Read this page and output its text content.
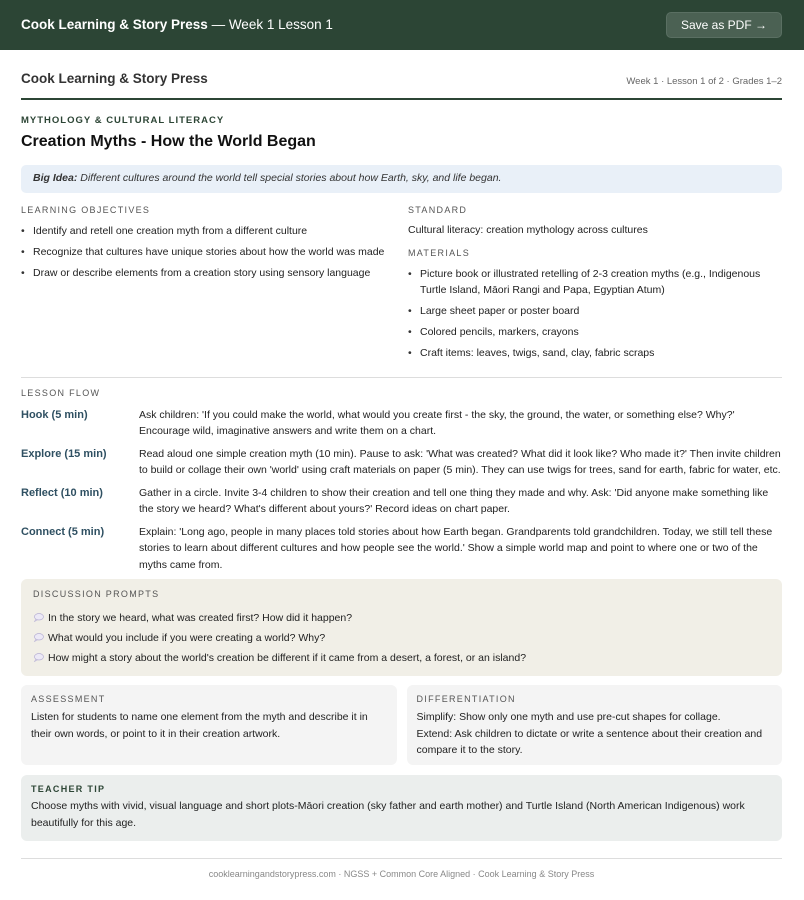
Cook Learning & Story Press — Week 1 Lesson 1	Save as PDF →
Cook Learning & Story Press	Week 1 · Lesson 1 of 2 · Grades 1–2
MYTHOLOGY & CULTURAL LITERACY
Creation Myths - How the World Began
Big Idea: Different cultures around the world tell special stories about how Earth, sky, and life began.
LEARNING OBJECTIVES
• Identify and retell one creation myth from a different culture
• Recognize that cultures have unique stories about how the world was made
• Draw or describe elements from a creation story using sensory language
STANDARD
Cultural literacy: creation mythology across cultures
MATERIALS
• Picture book or illustrated retelling of 2-3 creation myths (e.g., Indigenous Turtle Island, Māori Rangi and Papa, Egyptian Atum)
• Large sheet paper or poster board
• Colored pencils, markers, crayons
• Craft items: leaves, twigs, sand, clay, fabric scraps
LESSON FLOW
Hook (5 min)	Ask children: 'If you could make the world, what would you create first - the sky, the ground, the water, or something else? Why?' Encourage wild, imaginative answers and write them on a chart.
Explore (15 min)	Read aloud one simple creation myth (10 min). Pause to ask: 'What was created? What did it look like? Who made it?' Then invite children to build or collage their own 'world' using craft materials on paper (5 min). They can use twigs for trees, sand for earth, fabric for water, etc.
Reflect (10 min)	Gather in a circle. Invite 3-4 children to show their creation and tell one thing they made and why. Ask: 'Did anyone make something like the story we heard? What's different about yours?' Record ideas on chart paper.
Connect (5 min)	Explain: 'Long ago, people in many places told stories about how Earth began. Grandparents told grandchildren. Today, we still tell these stories to learn about different cultures and how people see the world.' Show a simple world map and point to where one or two of the myths came from.
DISCUSSION PROMPTS
In the story we heard, what was created first? How did it happen?
What would you include if you were creating a world? Why?
How might a story about the world's creation be different if it came from a desert, a forest, or an island?
ASSESSMENT

Listen for students to name one element from the myth and describe it in their own words, or point to it in their creation artwork.

DIFFERENTIATION

Simplify: Show only one myth and use pre-cut shapes for collage.

Extend: Ask children to dictate or write a sentence about their creation and compare it to the story.

TEACHER TIP

Choose myths with vivid, visual language and short plots-Māori creation (sky father and earth mother) and Turtle Island (North American Indigenous) work beautifully for this age.

cooklearningandstorypress.com · NGSS + Common Core Aligned · Cook Learning & Story Press
